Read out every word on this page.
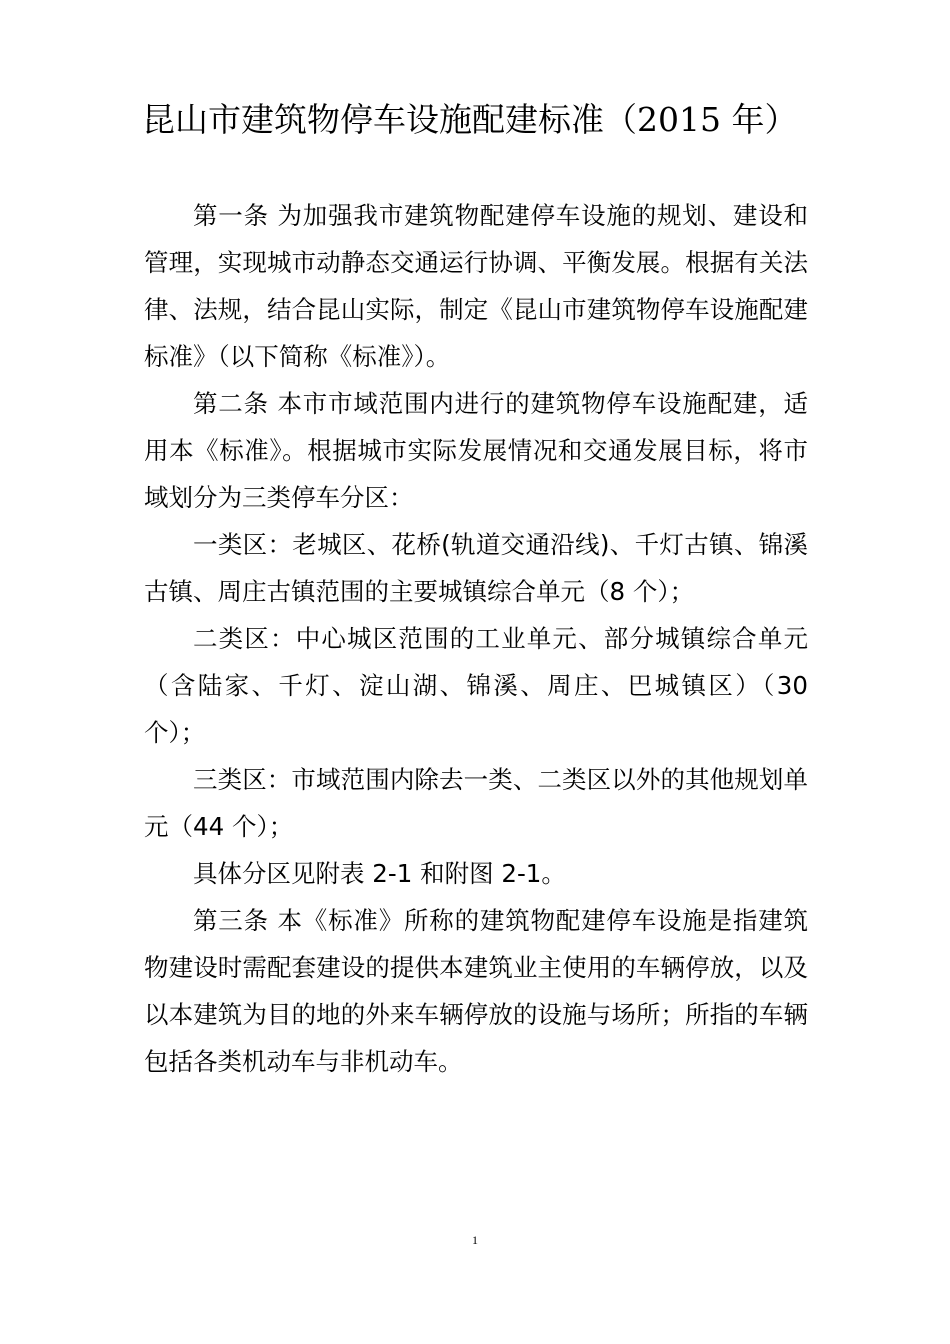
昆山市建筑物停车设施配建标准（2015 年）

第一条 为加强我市建筑物配建停车设施的规划、建设和管理，实现城市动静态交通运行协调、平衡发展。根据有关法律、法规，结合昆山实际，制定《昆山市建筑物停车设施配建标准》（以下简称《标准》）。

第二条 本市市域范围内进行的建筑物停车设施配建，适用本《标准》。根据城市实际发展情况和交通发展目标，将市域划分为三类停车分区：

一类区：老城区、花桥(轨道交通沿线)、千灯古镇、锦溪古镇、周庄古镇范围的主要城镇综合单元（8 个）；

二类区：中心城区范围的工业单元、部分城镇综合单元（含陆家、千灯、淀山湖、锦溪、周庄、巴城镇区）（30 个）；

三类区：市域范围内除去一类、二类区以外的其他规划单元（44 个）；

具体分区见附表 2-1 和附图 2-1。

第三条 本《标准》所称的建筑物配建停车设施是指建筑物建设时需配套建设的提供本建筑业主使用的车辆停放，以及以本建筑为目的地的外来车辆停放的设施与场所；所指的车辆包括各类机动车与非机动车。

1
